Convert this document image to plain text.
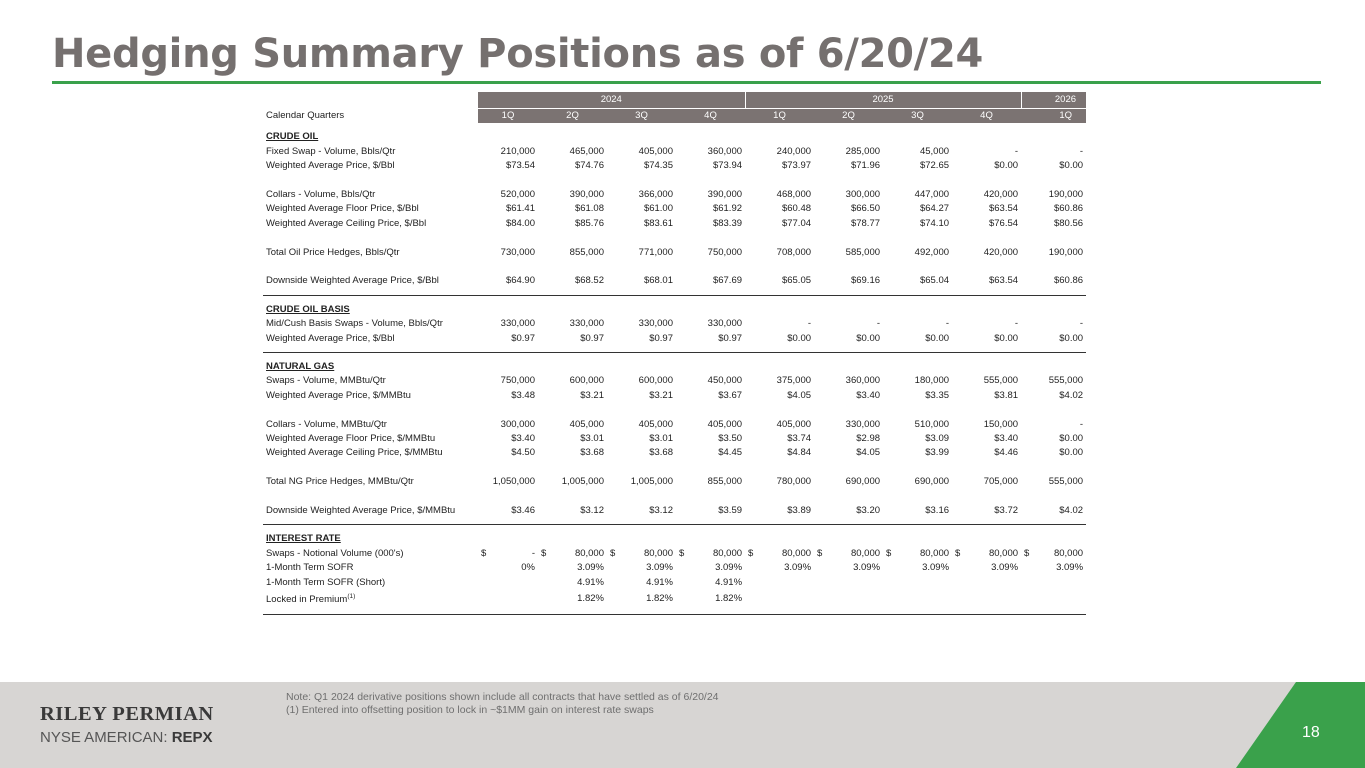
Hedging Summary Positions as of 6/20/24
	2024				2025				2026
Calendar Quarters	1Q	2Q	3Q	4Q	1Q	2Q	3Q	4Q	1Q

CRUDE OIL									
Fixed Swap - Volume, Bbls/Qtr	210,000	465,000	405,000	360,000	240,000	285,000	45,000	-	-
Weighted Average Price, $/Bbl	$73.54	$74.76	$74.35	$73.94	$73.97	$71.96	$72.65	$0.00	$0.00

Collars - Volume, Bbls/Qtr	520,000	390,000	366,000	390,000	468,000	300,000	447,000	420,000	190,000
Weighted Average Floor Price, $/Bbl	$61.41	$61.08	$61.00	$61.92	$60.48	$66.50	$64.27	$63.54	$60.86
Weighted Average Ceiling Price, $/Bbl	$84.00	$85.76	$83.61	$83.39	$77.04	$78.77	$74.10	$76.54	$80.56

Total Oil Price Hedges, Bbls/Qtr	730,000	855,000	771,000	750,000	708,000	585,000	492,000	420,000	190,000

Downside Weighted Average Price, $/Bbl	$64.90	$68.52	$68.01	$67.69	$65.05	$69.16	$65.04	$63.54	$60.86

CRUDE OIL BASIS									
Mid/Cush Basis Swaps - Volume, Bbls/Qtr	330,000	330,000	330,000	330,000	-	-	-	-	-
Weighted Average Price, $/Bbl	$0.97	$0.97	$0.97	$0.97	$0.00	$0.00	$0.00	$0.00	$0.00

NATURAL GAS									
Swaps - Volume, MMBtu/Qtr	750,000	600,000	600,000	450,000	375,000	360,000	180,000	555,000	555,000
Weighted Average Price, $/MMBtu	$3.48	$3.21	$3.21	$3.67	$4.05	$3.40	$3.35	$3.81	$4.02

Collars - Volume, MMBtu/Qtr	300,000	405,000	405,000	405,000	405,000	330,000	510,000	150,000	-
Weighted Average Floor Price, $/MMBtu	$3.40	$3.01	$3.01	$3.50	$3.74	$2.98	$3.09	$3.40	$0.00
Weighted Average Ceiling Price, $/MMBtu	$4.50	$3.68	$3.68	$4.45	$4.84	$4.05	$3.99	$4.46	$0.00

Total NG Price Hedges, MMBtu/Qtr	1,050,000	1,005,000	1,005,000	855,000	780,000	690,000	690,000	705,000	555,000

Downside Weighted Average Price, $/MMBtu	$3.46	$3.12	$3.12	$3.59	$3.89	$3.20	$3.16	$3.72	$4.02

INTEREST RATE									
Swaps - Notional Volume (000's)	$ -	$ 80,000	$ 80,000	$ 80,000	$ 80,000	$ 80,000	$ 80,000	$ 80,000	$ 80,000

1-Month Term SOFR	0%	3.09%	3.09%	3.09%	3.09%	3.09%	3.09%	3.09%	3.09%
1-Month Term SOFR (Short)		4.91%	4.91%	4.91%					
Locked in Premium$^{(1)}$		1.82%	1.82%	1.82%					

RILEY PERMIAN
NYSE AMERICAN: REPX
Note: Q1 2024 derivative positions shown include all contracts that have settled as of 6/20/24
(1) Entered into offsetting position to lock in ~$1MM gain on interest rate swaps
18
